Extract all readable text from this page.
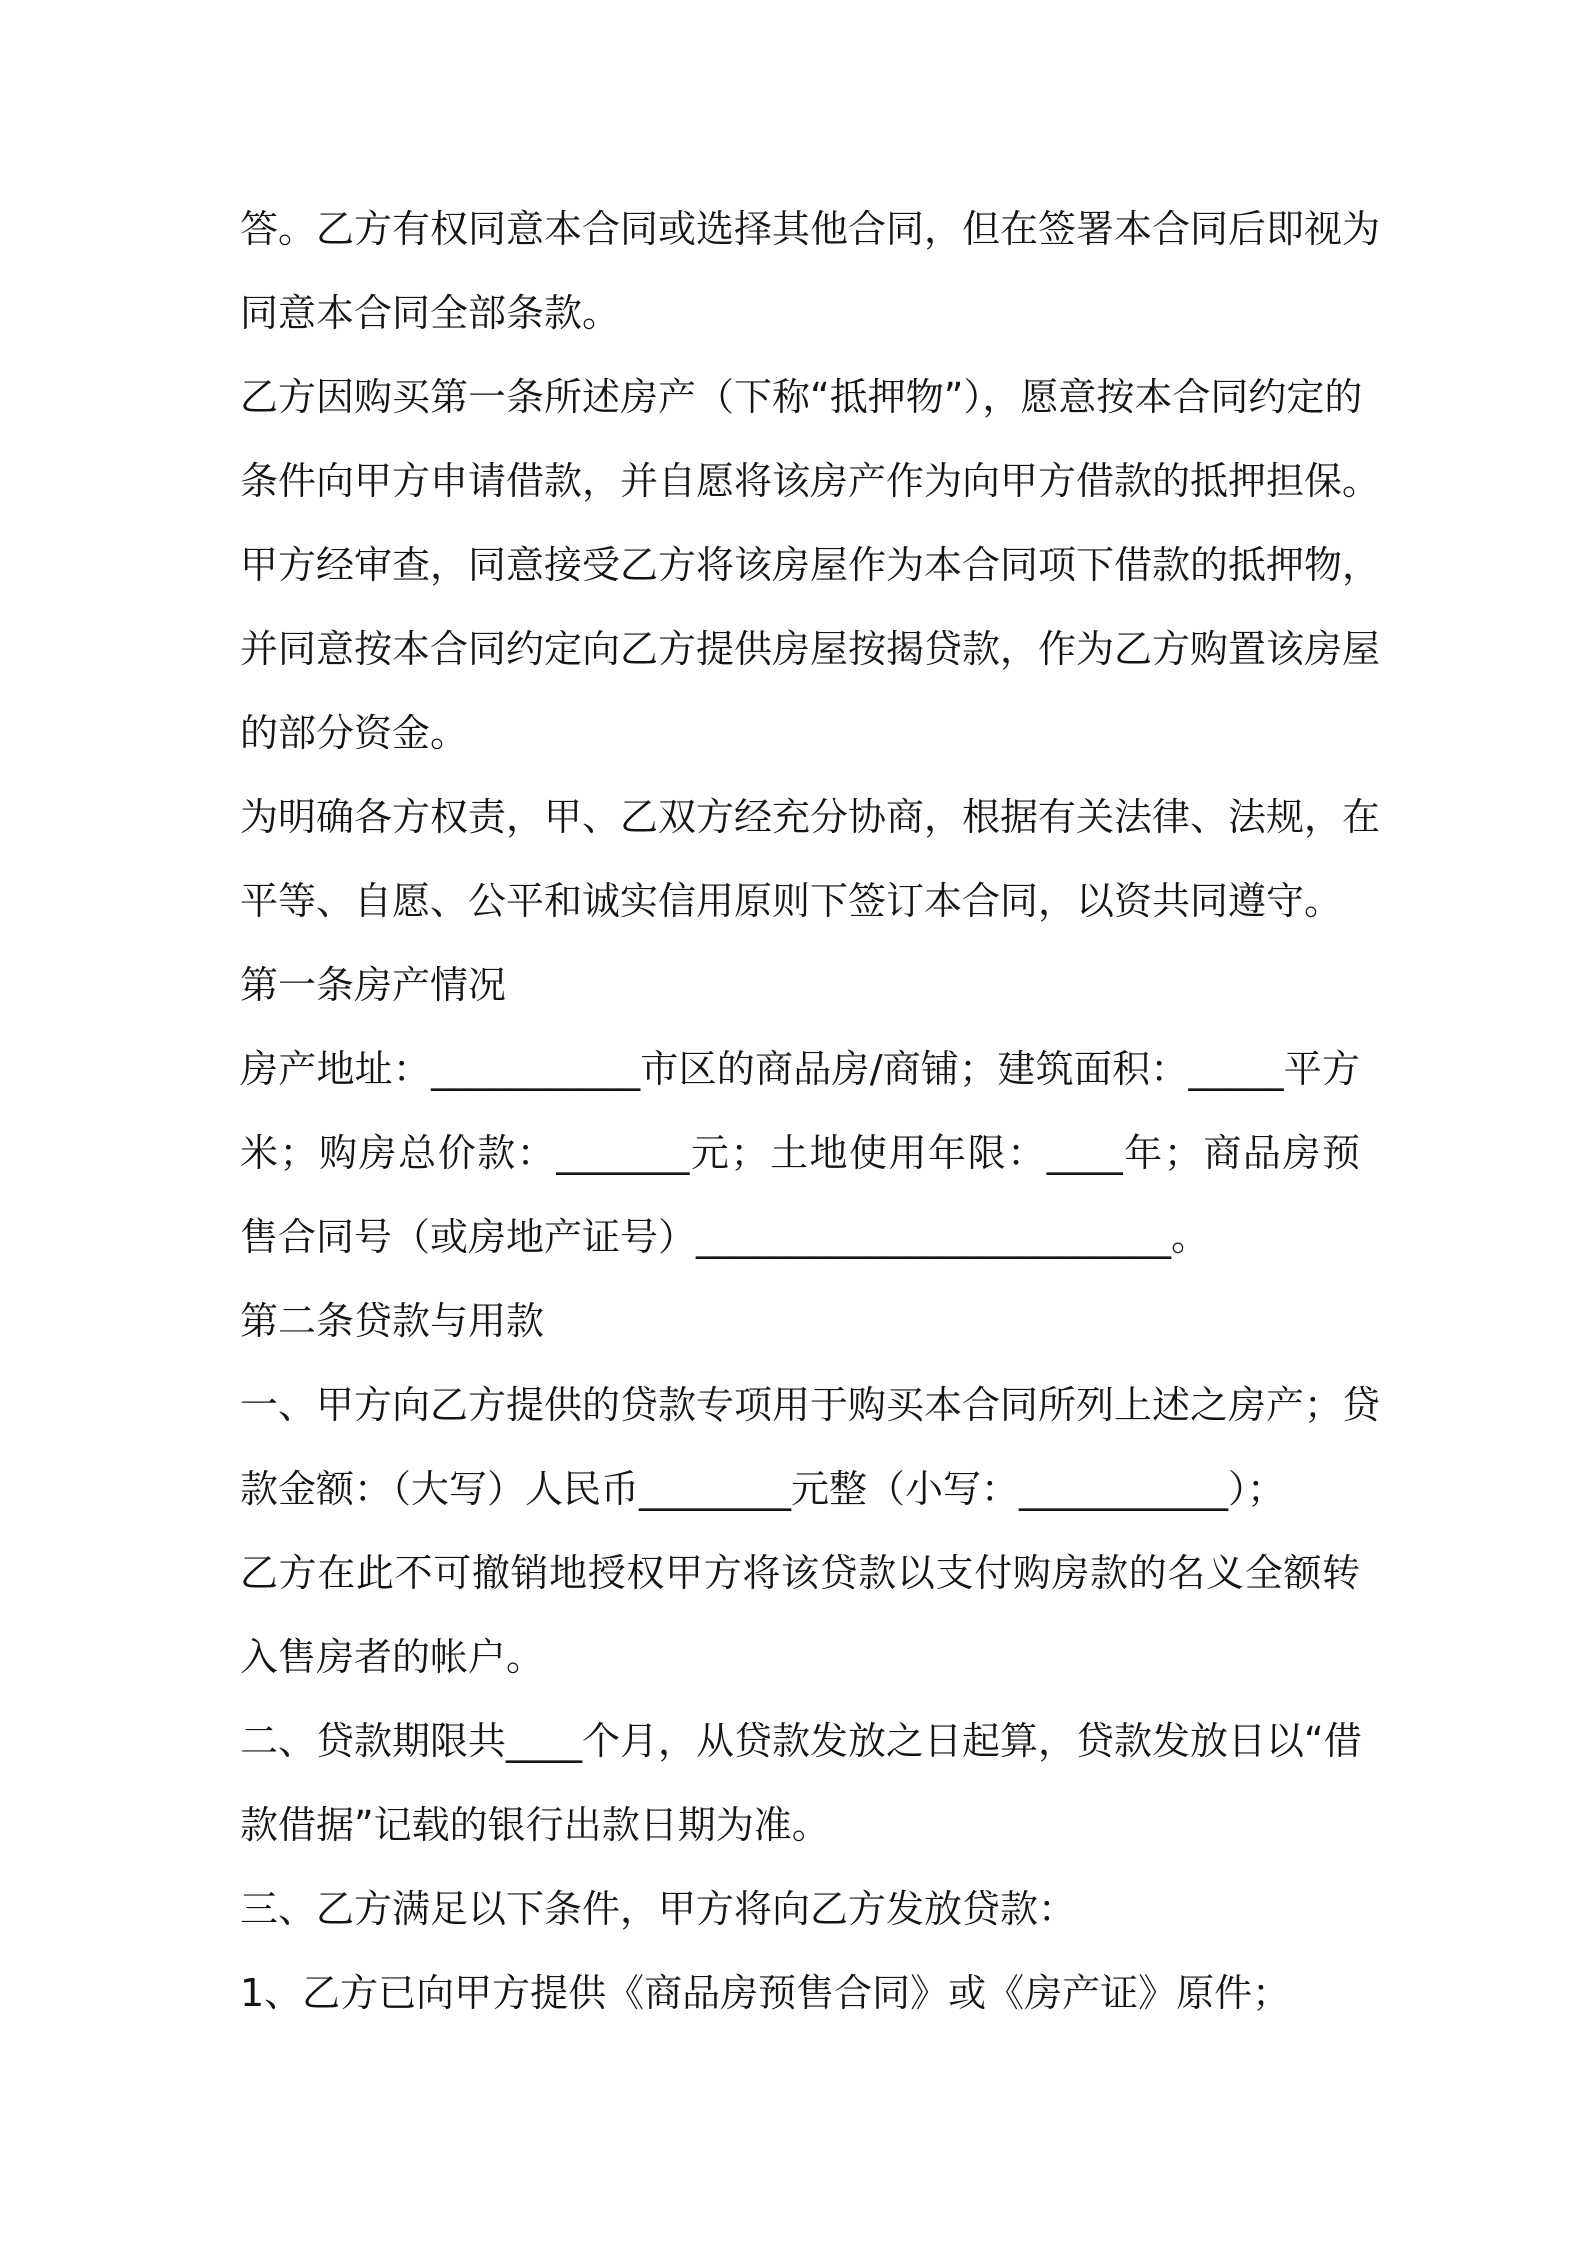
答。乙方有权同意本合同或选择其他合同，但在签署本合同后即视为
同意本合同全部条款。
乙方因购买第一条所述房产（下称“抵押物”），愿意按本合同约定的
条件向甲方申请借款，并自愿将该房产作为向甲方借款的抵押担保。
甲方经审查，同意接受乙方将该房屋作为本合同项下借款的抵押物，
并同意按本合同约定向乙方提供房屋按揭贷款，作为乙方购置该房屋
的部分资金。
为明确各方权责，甲、乙双方经充分协商，根据有关法律、法规，在
平等、自愿、公平和诚实信用原则下签订本合同，以资共同遵守。
第一条房产情况
房产地址：___________市区的商品房/商铺；建筑面积：_____平方
米；购房总价款：_______元；土地使用年限：____年；商品房预
售合同号（或房地产证号）_________________________。
第二条贷款与用款
一、甲方向乙方提供的贷款专项用于购买本合同所列上述之房产；贷
款金额：（大写）人民币________元整（小写：___________）；
乙方在此不可撤销地授权甲方将该贷款以支付购房款的名义全额转
入售房者的帐户。
二、贷款期限共____个月，从贷款发放之日起算，贷款发放日以“借
款借据”记载的银行出款日期为准。
三、乙方满足以下条件，甲方将向乙方发放贷款：
1、乙方已向甲方提供《商品房预售合同》或《房产证》原件；
